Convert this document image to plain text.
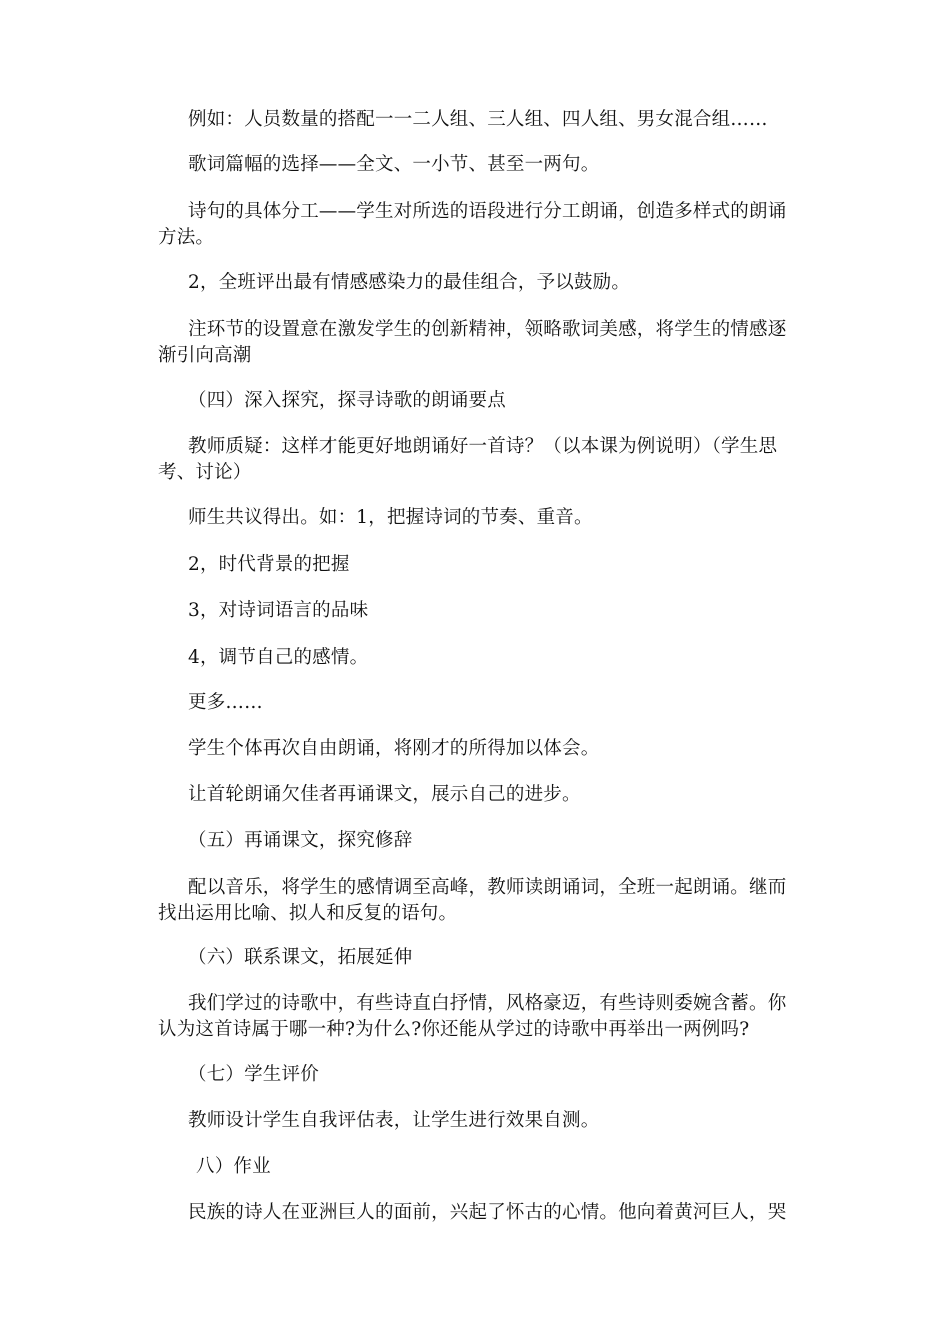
例如：人员数量的搭配一一二人组、三人组、四人组、男女混合组……

歌词篇幅的选择——全文、一小节、甚至一两句。

诗句的具体分工——学生对所选的语段进行分工朗诵，创造多样式的朗诵
方法。

2，全班评出最有情感感染力的最佳组合，予以鼓励。

注环节的设置意在激发学生的创新精神，领略歌词美感，将学生的情感逐
渐引向高潮

（四）深入探究，探寻诗歌的朗诵要点

教师质疑：这样才能更好地朗诵好一首诗？（以本课为例说明）（学生思
考、讨论）

师生共议得出。如：1，把握诗词的节奏、重音。

2，时代背景的把握

3，对诗词语言的品味

4，调节自己的感情。

更多……

学生个体再次自由朗诵，将刚才的所得加以体会。

让首轮朗诵欠佳者再诵课文，展示自己的进步。

（五）再诵课文，探究修辞

配以音乐，将学生的感情调至高峰，教师读朗诵词，全班一起朗诵。继而
找出运用比喻、拟人和反复的语句。

（六）联系课文，拓展延伸

我们学过的诗歌中，有些诗直白抒情，风格豪迈，有些诗则委婉含蓄。你
认为这首诗属于哪一种?为什么?你还能从学过的诗歌中再举出一两例吗?

（七）学生评价

教师设计学生自我评估表，让学生进行效果自测。

八）作业

民族的诗人在亚洲巨人的面前，兴起了怀古的心情。他向着黄河巨人，哭
